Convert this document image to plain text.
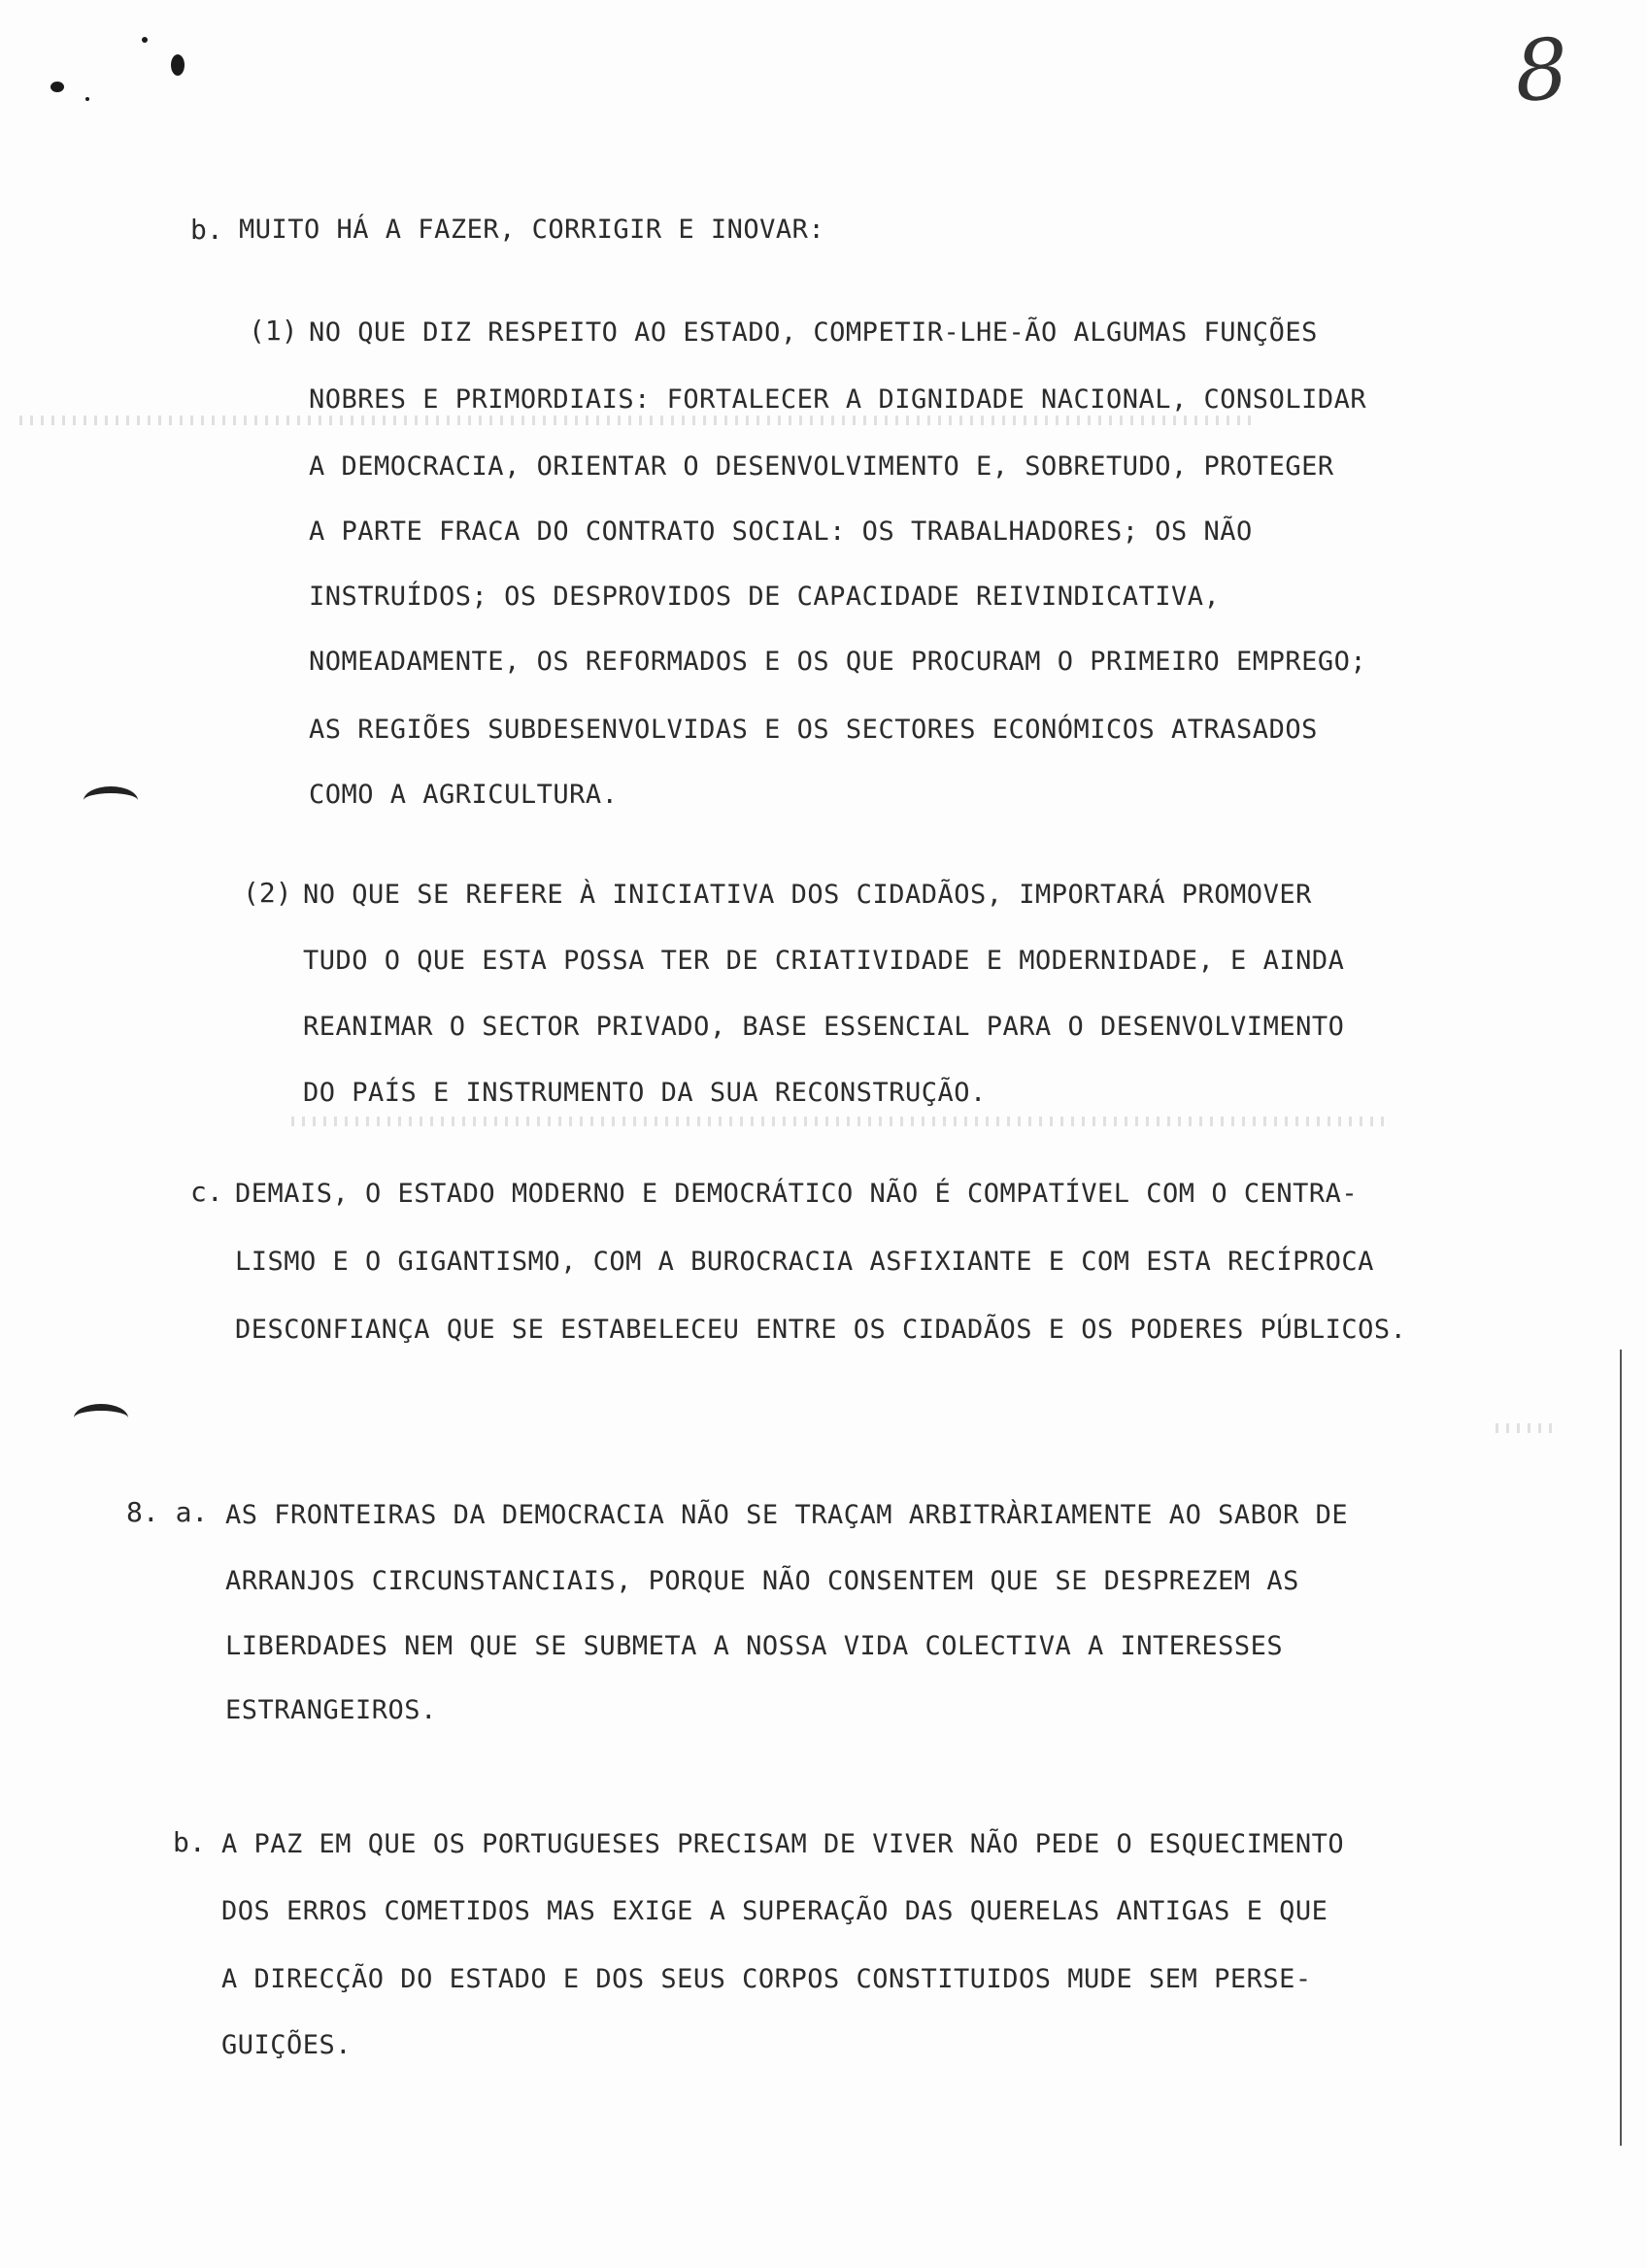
8
b. MUITO HÁ A FAZER, CORRIGIR E INOVAR:
(1) NO QUE DIZ RESPEITO AO ESTADO, COMPETIR-LHE-ÃO ALGUMAS FUNÇÕES
NOBRES E PRIMORDIAIS: FORTALECER A DIGNIDADE NACIONAL, CONSOLIDAR
A DEMOCRACIA, ORIENTAR O DESENVOLVIMENTO E, SOBRETUDO, PROTEGER
A PARTE FRACA DO CONTRATO SOCIAL: OS TRABALHADORES; OS NÃO
INSTRUÍDOS; OS DESPROVIDOS DE CAPACIDADE REIVINDICATIVA,
NOMEADAMENTE, OS REFORMADOS E OS QUE PROCURAM O PRIMEIRO EMPREGO;
AS REGIÕES SUBDESENVOLVIDAS E OS SECTORES ECONÓMICOS ATRASADOS
COMO A AGRICULTURA.
(2) NO QUE SE REFERE À INICIATIVA DOS CIDADÃOS, IMPORTARÁ PROMOVER
TUDO O QUE ESTA POSSA TER DE CRIATIVIDADE E MODERNIDADE, E AINDA
REANIMAR O SECTOR PRIVADO, BASE ESSENCIAL PARA O DESENVOLVIMENTO
DO PAÍS E INSTRUMENTO DA SUA RECONSTRUÇÃO.
c. DEMAIS, O ESTADO MODERNO E DEMOCRÁTICO NÃO É COMPATÍVEL COM O CENTRA-
LISMO E O GIGANTISMO, COM A BUROCRACIA ASFIXIANTE E COM ESTA RECÍPROCA
DESCONFIANÇA QUE SE ESTABELECEU ENTRE OS CIDADÃOS E OS PODERES PÚBLICOS.
8. a. AS FRONTEIRAS DA DEMOCRACIA NÃO SE TRAÇAM ARBITRÀRIAMENTE AO SABOR DE
ARRANJOS CIRCUNSTANCIAIS, PORQUE NÃO CONSENTEM QUE SE DESPREZEM AS
LIBERDADES NEM QUE SE SUBMETA A NOSSA VIDA COLECTIVA A INTERESSES
ESTRANGEIROS.
b. A PAZ EM QUE OS PORTUGUESES PRECISAM DE VIVER NÃO PEDE O ESQUECIMENTO
DOS ERROS COMETIDOS MAS EXIGE A SUPERAÇÃO DAS QUERELAS ANTIGAS E QUE
A DIRECÇÃO DO ESTADO E DOS SEUS CORPOS CONSTITUIDOS MUDE SEM PERSE-
GUIÇÕES.
